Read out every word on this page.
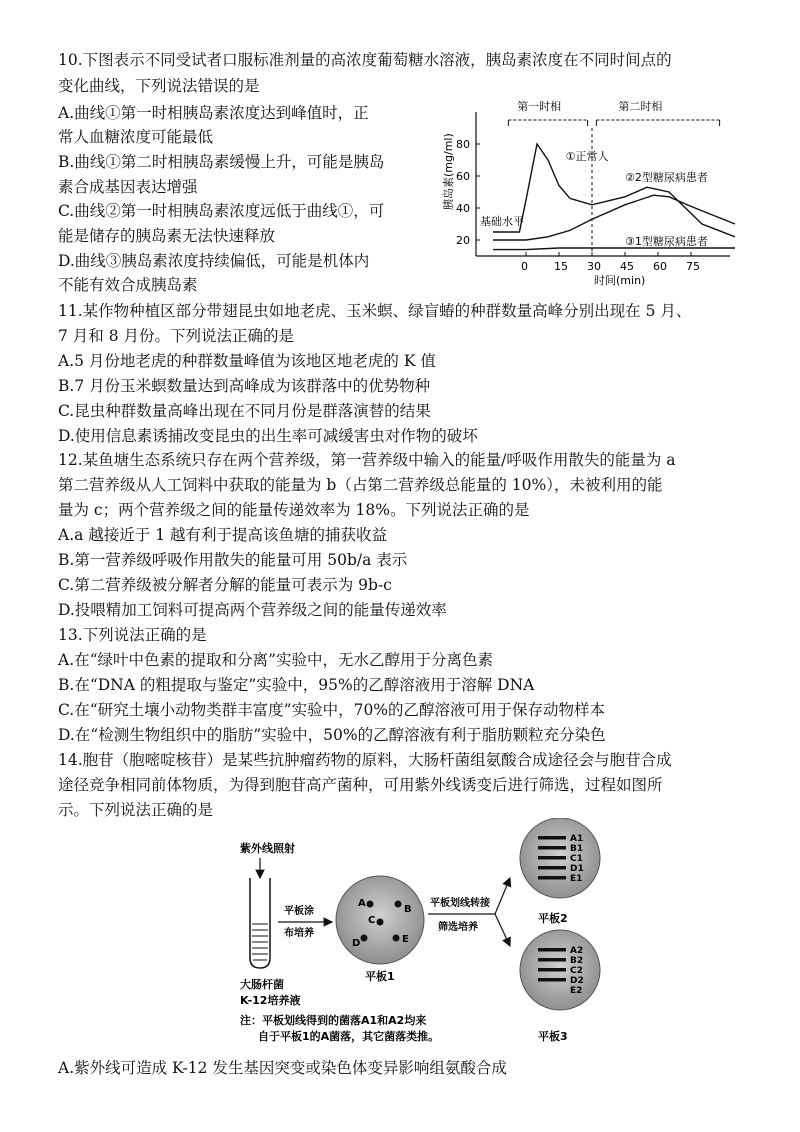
10.下图表示不同受试者口服标准剂量的高浓度葡萄糖水溶液，胰岛素浓度在不同时间点的
变化曲线，下列说法错误的是
A.曲线①第一时相胰岛素浓度达到峰值时，正
常人血糖浓度可能最低
B.曲线①第二时相胰岛素缓慢上升，可能是胰岛
素合成基因表达增强
C.曲线②第一时相胰岛素浓度远低于曲线①，可
能是储存的胰岛素无法快速释放
D.曲线③胰岛素浓度持续偏低，可能是机体内
不能有效合成胰岛素
20
40
60
80
0 15 30 45 60 75
时间(min)
胰岛素(mg/ml)
第一时相	第二时相
基础水平
①正常人
②2型糖尿病患者
③1型糖尿病患者
11.某作物种植区部分带翅昆虫如地老虎、玉米螟、绿盲蝽的种群数量高峰分别出现在 5 月、
7 月和 8 月份。下列说法正确的是
A.5 月份地老虎的种群数量峰值为该地区地老虎的 K 值
B.7 月份玉米螟数量达到高峰成为该群落中的优势物种
C.昆虫种群数量高峰出现在不同月份是群落演替的结果
D.使用信息素诱捕改变昆虫的出生率可减缓害虫对作物的破坏
12.某鱼塘生态系统只存在两个营养级，第一营养级中输入的能量/呼吸作用散失的能量为 a
第二营养级从人工饲料中获取的能量为 b（占第二营养级总能量的 10%），未被利用的能
量为 c；两个营养级之间的能量传递效率为 18%。下列说法正确的是
A.a 越接近于 1 越有利于提高该鱼塘的捕获收益
B.第一营养级呼吸作用散失的能量可用 50b/a 表示
C.第二营养级被分解者分解的能量可表示为 9b-c
D.投喂精加工饲料可提高两个营养级之间的能量传递效率
13.下列说法正确的是
A.在“绿叶中色素的提取和分离”实验中，无水乙醇用于分离色素
B.在“DNA 的粗提取与鉴定”实验中，95%的乙醇溶液用于溶解 DNA
C.在“研究土壤小动物类群丰富度”实验中，70%的乙醇溶液可用于保存动物样本
D.在“检测生物组织中的脂肪”实验中，50%的乙醇溶液有利于脂肪颗粒充分染色
14.胞苷（胞嘧啶核苷）是某些抗肿瘤药物的原料，大肠杆菌组氨酸合成途径会与胞苷合成
途径竞争相同前体物质，为得到胞苷高产菌种，可用紫外线诱变后进行筛选，过程如图所
示。下列说法正确的是
紫外线照射
大肠杆菌
K-12培养液
平板涂
布培养
A
B
C
D	E
平板1
平板划线转接
筛选培养
A1
B1
C1
D1
E1
平板2
A2
B2
C2
D2
E2
平板3
注：平板划线得到的菌落A1和A2均来
自于平板1的A菌落，其它菌落类推。
A.紫外线可造成 K-12 发生基因突变或染色体变异影响组氨酸合成
